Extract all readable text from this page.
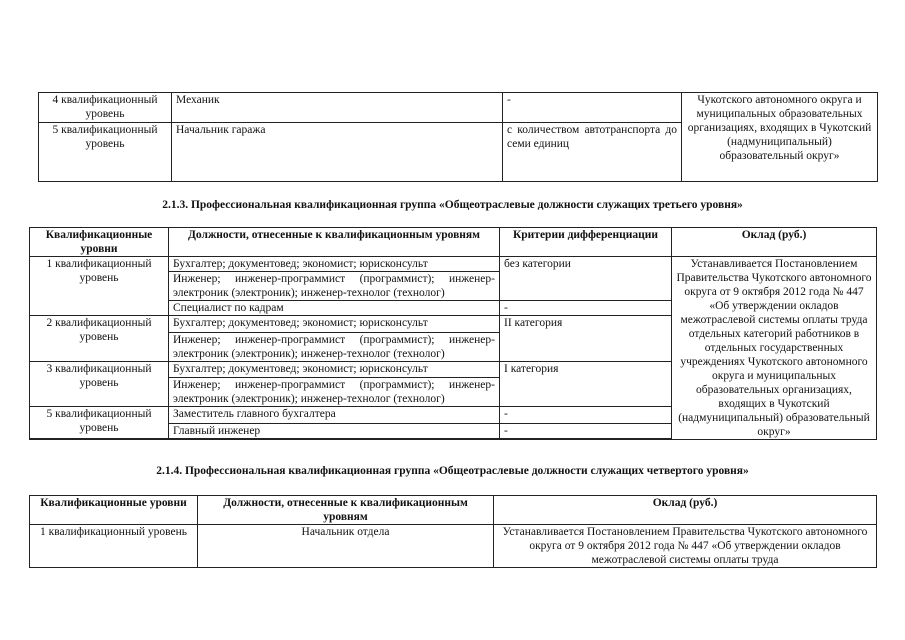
4 квалификационный уровень	Механик	-	Чукотского автономного округа и муниципальных образовательных организациях, входящих в Чукотский (надмуниципальный) образовательный округ»
5 квалификационный уровень	Начальник гаража	с количеством автотранспорта до семи единиц	
2.1.3. Профессиональная квалификационная группа «Общеотраслевые должности служащих третьего уровня»
Квалификационные уровни	Должности, отнесенные к квалификационным уровням	Критерии дифференциации	Оклад (руб.)
1 квалификационный уровень	Бухгалтер; документовед; экономист; юрисконсульт	без категории	Устанавливается Постановлением Правительства Чукотского автономного округа от 9 октября 2012 года № 447 «Об утверждении окладов межотраслевой системы оплаты труда отдельных категорий работников в отдельных государственных учреждениях Чукотского автономного округа и муниципальных образовательных организациях, входящих в Чукотский (надмуниципальный) образовательный округ»
	Инженер; инженер-программист (программист); инженер-электроник (электроник); инженер-технолог (технолог)		
	Специалист по кадрам	-	
2 квалификационный уровень	Бухгалтер; документовед; экономист; юрисконсульт	II категория	
	Инженер; инженер-программист (программист); инженер-электроник (электроник); инженер-технолог (технолог)		
3 квалификационный уровень	Бухгалтер; документовед; экономист; юрисконсульт	I категория	
	Инженер; инженер-программист (программист); инженер-электроник (электроник); инженер-технолог (технолог)		
5 квалификационный уровень	Заместитель главного бухгалтера	-	
	Главный инженер	-	

2.1.4. Профессиональная квалификационная группа «Общеотраслевые должности служащих четвертого уровня»
Квалификационные уровни	Должности, отнесенные к квалификационным уровням	Оклад (руб.)
1 квалификационный уровень	Начальник отдела	Устанавливается Постановлением Правительства Чукотского автономного округа от 9 октября 2012 года № 447 «Об утверждении окладов межотраслевой системы оплаты труда
